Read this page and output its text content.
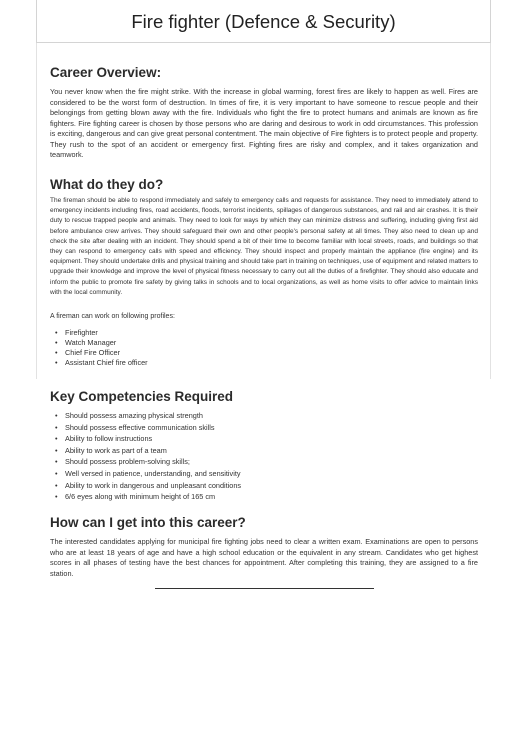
Fire fighter (Defence & Security)
Career Overview:

You never know when the fire might strike. With the increase in global warming, forest fires are likely to happen as well. Fires are considered to be the worst form of destruction. In times of fire, it is very important to have someone to rescue people and their belongings from getting blown away with the fire. Individuals who fight the fire to protect humans and animals are known as fire fighters. Fire fighting career is chosen by those persons who are daring and desirous to work in odd circumstances. This profession is exciting, dangerous and can give great personal contentment. The main objective of Fire fighters is to protect people and property. They rush to the spot of an accident or emergency first. Fighting fires are risky and complex, and it takes organization and teamwork.

What do they do?

The fireman should be able to respond immediately and safely to emergency calls and requests for assistance. They need to immediately attend to emergency incidents including fires, road accidents, floods, terrorist incidents, spillages of dangerous substances, and rail and air crashes. It is their duty to rescue trapped people and animals. They need to look for ways by which they can minimize distress and suffering, including giving first aid before ambulance crew arrives. They should safeguard their own and other people's personal safety at all times. They also need to clean up and check the site after dealing with an incident. They should spend a bit of their time to become familiar with local streets, roads, and buildings so that they can respond to emergency calls with speed and efficiency. They should inspect and properly maintain the appliance (fire engine) and its equipment. They should undertake drills and physical training and should take part in training on techniques, use of equipment and related matters to upgrade their knowledge and improve the level of physical fitness necessary to carry out all the duties of a firefighter. They should also educate and inform the public to promote fire safety by giving talks in schools and to local organizations, as well as home visits to offer advice to maintain links with the local community.

A fireman can work on following profiles:
• Firefighter
• Watch Manager
• Chief Fire Officer
• Assistant Chief fire officer
Key Competencies Required
• Should possess amazing physical strength
• Should possess effective communication skills
• Ability to follow instructions
• Ability to work as part of a team
• Should possess problem-solving skills;
• Well versed in patience, understanding, and sensitivity
• Ability to work in dangerous and unpleasant conditions
• 6/6 eyes along with minimum height of 165 cm
How can I get into this career?

The interested candidates applying for municipal fire fighting jobs need to clear a written exam. Examinations are open to persons who are at least 18 years of age and have a high school education or the equivalent in any stream. Candidates who get highest scores in all phases of testing have the best chances for appointment. After completing this training, they are assigned to a fire station.
